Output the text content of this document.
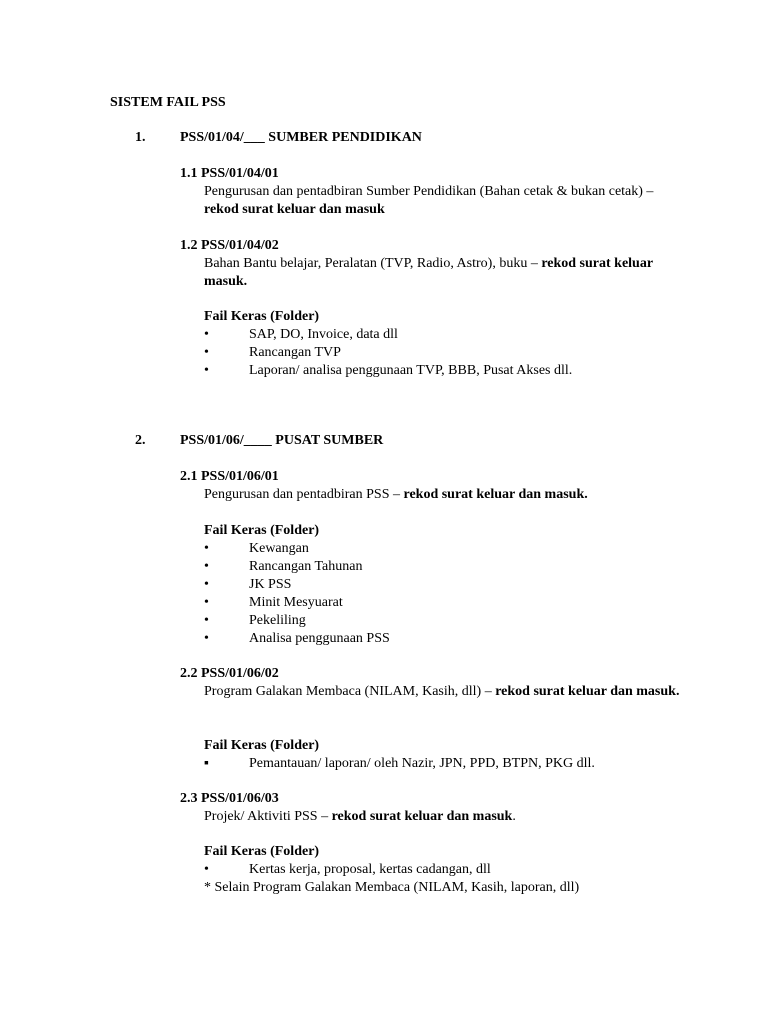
SISTEM FAIL PSS
1. PSS/01/04/___ SUMBER PENDIDIKAN
1.1 PSS/01/04/01
Pengurusan dan pentadbiran Sumber Pendidikan (Bahan cetak & bukan cetak) – rekod surat keluar dan masuk
1.2 PSS/01/04/02
Bahan Bantu belajar, Peralatan (TVP, Radio, Astro), buku – rekod surat keluar masuk.
Fail Keras (Folder)
•	SAP, DO, Invoice, data dll
•	Rancangan TVP
•	Laporan/ analisa penggunaan TVP, BBB, Pusat Akses dll.
2. PSS/01/06/____ PUSAT SUMBER
2.1 PSS/01/06/01
Pengurusan dan pentadbiran PSS – rekod surat keluar dan masuk.
Fail Keras (Folder)
•	Kewangan
•	Rancangan Tahunan
•	JK PSS
•	Minit Mesyuarat
•	Pekeliling
•	Analisa penggunaan PSS
2.2 PSS/01/06/02
Program Galakan Membaca (NILAM, Kasih, dll) – rekod surat keluar dan masuk.
Fail Keras (Folder)
▪	Pemantauan/ laporan/ oleh Nazir, JPN, PPD, BTPN, PKG dll.
2.3 PSS/01/06/03
Projek/ Aktiviti PSS – rekod surat keluar dan masuk.
Fail Keras (Folder)
•	Kertas kerja, proposal, kertas cadangan, dll
* Selain Program Galakan Membaca (NILAM, Kasih, laporan, dll)
